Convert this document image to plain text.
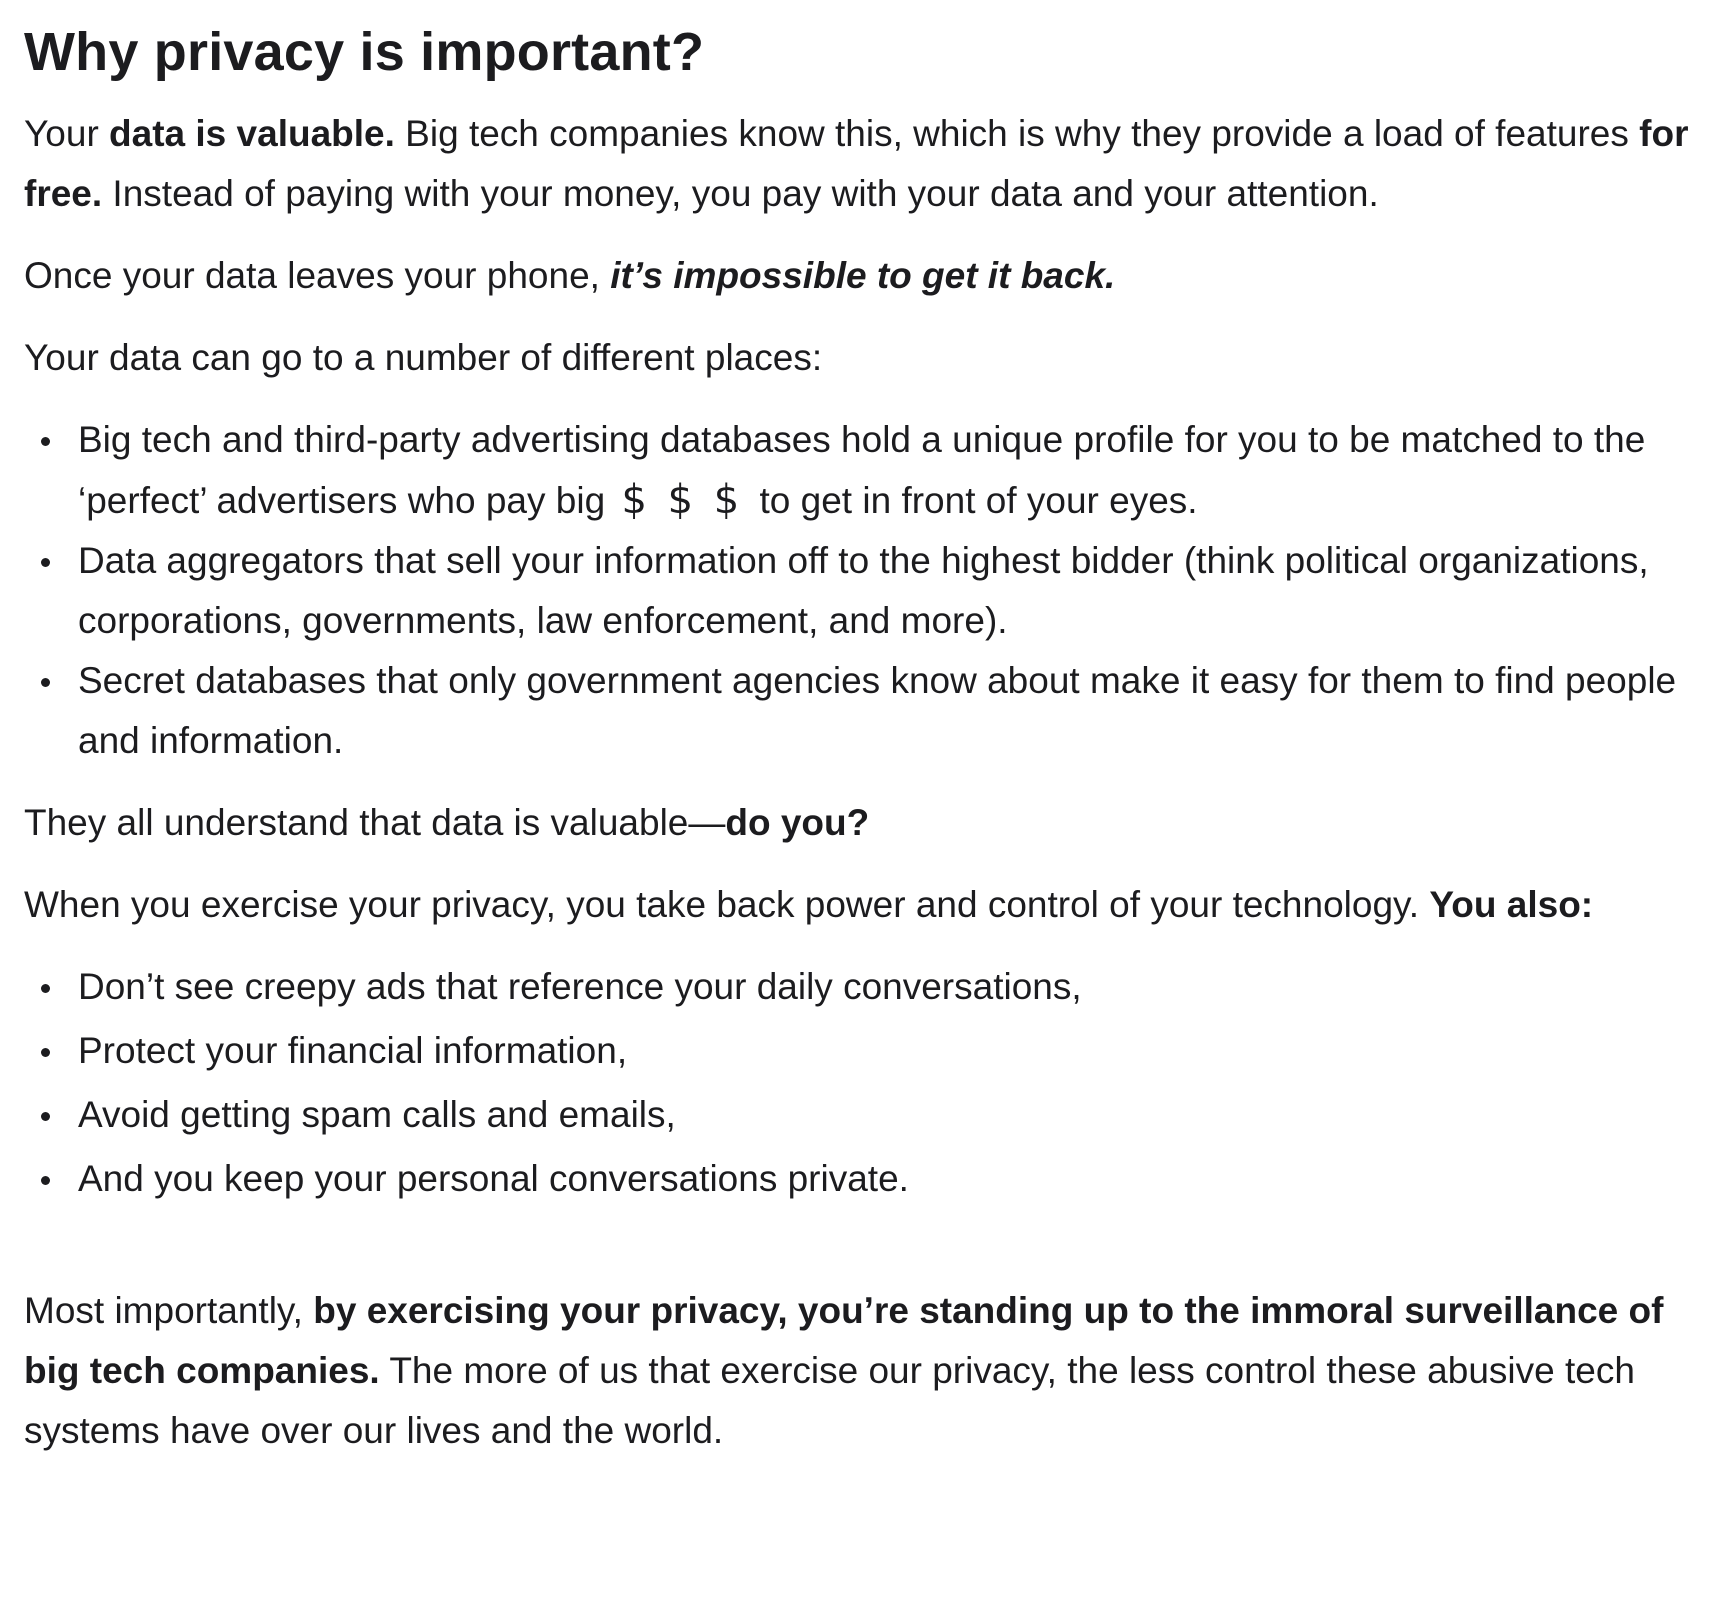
Why privacy is important?

Your data is valuable. Big tech companies know this, which is why they provide a load of features for free. Instead of paying with your money, you pay with your data and your attention.

Once your data leaves your phone, it’s impossible to get it back.

Your data can go to a number of different places:

Big tech and third-party advertising databases hold a unique profile for you to be matched to the ‘perfect’ advertisers who pay big $ $ $ to get in front of your eyes.
Data aggregators that sell your information off to the highest bidder (think political organizations, corporations, governments, law enforcement, and more).
Secret databases that only government agencies know about make it easy for them to find people and information.

They all understand that data is valuable—do you?

When you exercise your privacy, you take back power and control of your technology. You also:

Don’t see creepy ads that reference your daily conversations,
Protect your financial information,
Avoid getting spam calls and emails,
And you keep your personal conversations private.

Most importantly, by exercising your privacy, you’re standing up to the immoral surveillance of big tech companies. The more of us that exercise our privacy, the less control these abusive tech systems have over our lives and the world.
